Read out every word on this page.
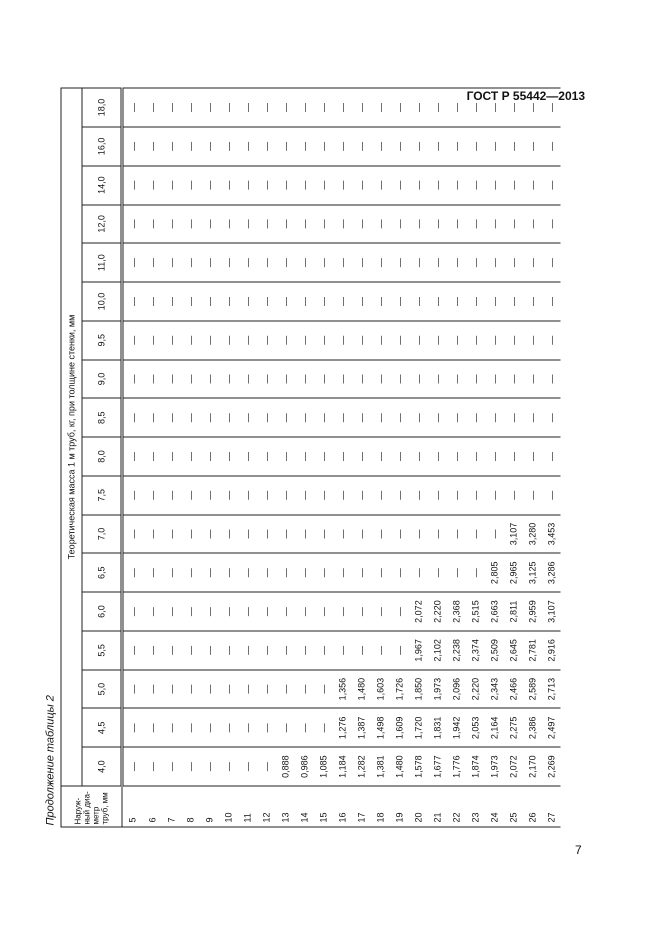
ГОСТ Р 55442—2013
Продолжение таблицы 2	Наруж-ный диа-метр труб, мм	Теоретическая масса 1 м труб, кг, при толщине стенки, мм																	
	4,0	4,5	5,0	5,5	6,0	6,5	7,0	7,5	8,0	8,5	9,0	9,5	10,0	11,0	12,0	14,0	16,0	18,0
5	—	—	—	—	—	—	—	—	—	—	—	—	—	—	—	—	—	—
6	—	—	—	—	—	—	—	—	—	—	—	—	—	—	—	—	—	—
7	—	—	—	—	—	—	—	—	—	—	—	—	—	—	—	—	—	—
8	—	—	—	—	—	—	—	—	—	—	—	—	—	—	—	—	—	—
9	—	—	—	—	—	—	—	—	—	—	—	—	—	—	—	—	—	—
10	—	—	—	—	—	—	—	—	—	—	—	—	—	—	—	—	—	—
11	—	—	—	—	—	—	—	—	—	—	—	—	—	—	—	—	—	—
12	—	—	—	—	—	—	—	—	—	—	—	—	—	—	—	—	—	—
13	0,888	—	—	—	—	—	—	—	—	—	—	—	—	—	—	—	—	—
14	0,986	—	—	—	—	—	—	—	—	—	—	—	—	—	—	—	—	—
15	1,085	—	—	—	—	—	—	—	—	—	—	—	—	—	—	—	—	—
16	1,184	1,276	1,356	—	—	—	—	—	—	—	—	—	—	—	—	—	—	—
17	1,282	1,387	1,480	—	—	—	—	—	—	—	—	—	—	—	—	—	—	—
18	1,381	1,498	1,603	—	—	—	—	—	—	—	—	—	—	—	—	—	—	—
19	1,480	1,609	1,726	—	—	—	—	—	—	—	—	—	—	—	—	—	—	—
20	1,578	1,720	1,850	1,967	2,072	—	—	—	—	—	—	—	—	—	—	—	—	—
21	1,677	1,831	1,973	2,102	2,220	—	—	—	—	—	—	—	—	—	—	—	—	—
22	1,776	1,942	2,096	2,238	2,368	—	—	—	—	—	—	—	—	—	—	—	—	—
23	1,874	2,053	2,220	2,374	2,515	—	—	—	—	—	—	—	—	—	—	—	—	—
24	1,973	2,164	2,343	2,509	2,663	2,805	—	—	—	—	—	—	—	—	—	—	—	—
25	2,072	2,275	2,466	2,645	2,811	2,965	3,107	—	—	—	—	—	—	—	—	—	—	—
26	2,170	2,386	2,589	2,781	2,959	3,125	3,280	—	—	—	—	—	—	—	—	—	—	—
27	2,269	2,497	2,713	2,916	3,107	3,286	3,453	—	—	—	—	—	—	—	—	—	—	—
7
